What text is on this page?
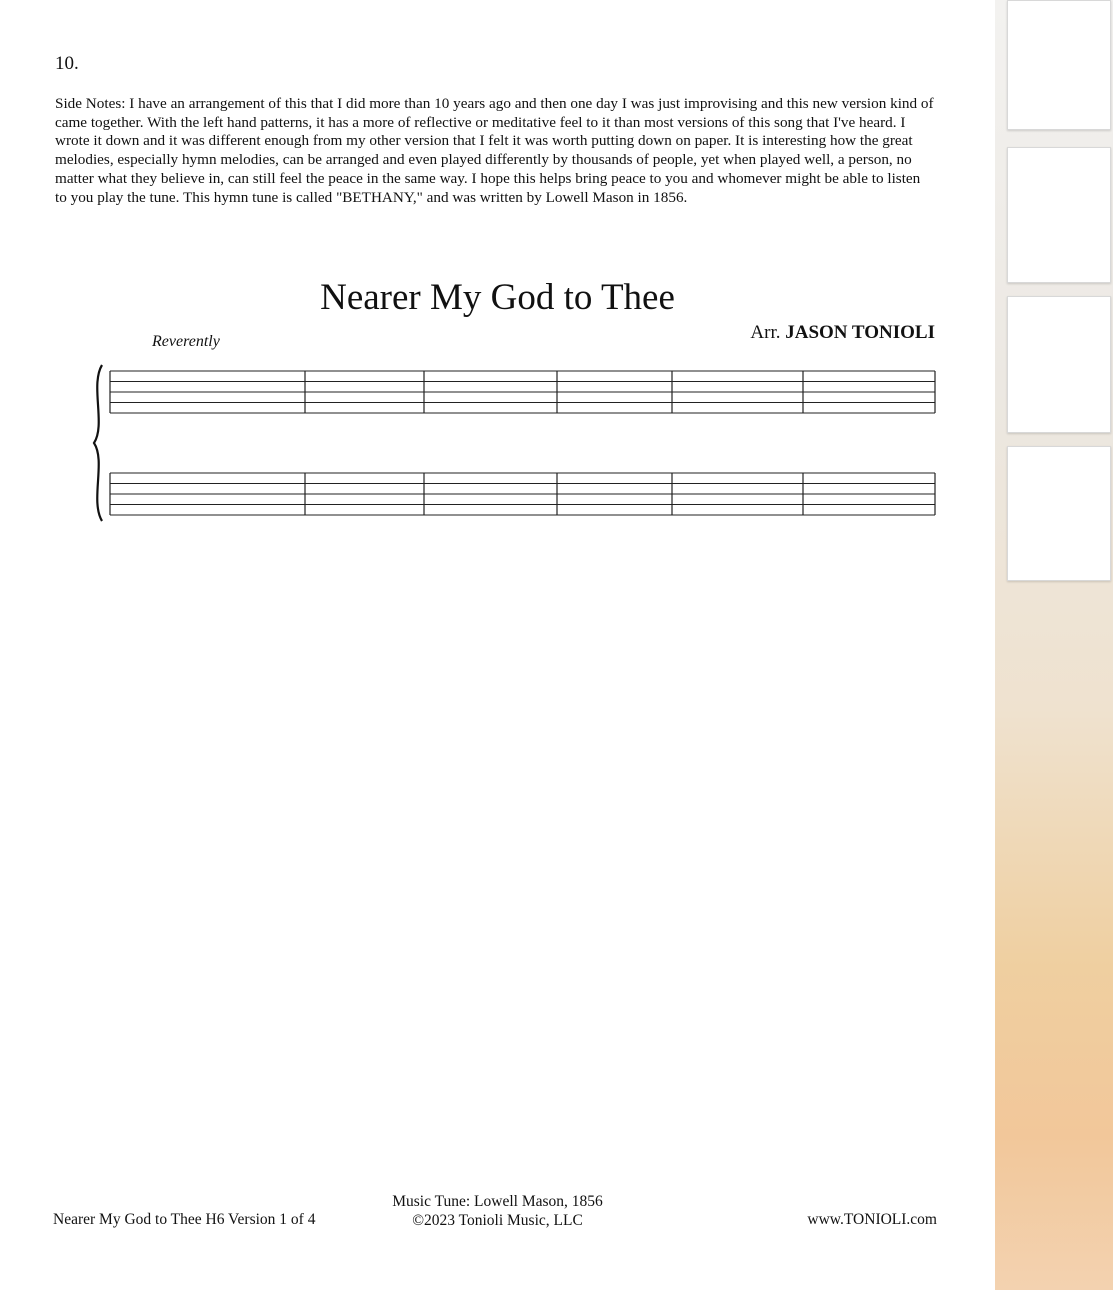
10.
Side Notes: I have an arrangement of this that I did more than 10 years ago and then one day I was just improvising and this new version kind of came together. With the left hand patterns, it has a more of reflective or meditative feel to it than most versions of this song that I've heard. I wrote it down and it was different enough from my other version that I felt it was worth putting down on paper. It is interesting how the great melodies, especially hymn melodies, can be arranged and even played differently by thousands of people, yet when played well, a person, no matter what they believe in, can still feel the peace in the same way. I hope this helps bring peace to you and whomever might be able to listen to you play the tune. This hymn tune is called "BETHANY," and was written by Lowell Mason in 1856.
Nearer My God to Thee
Arr. JASON TONIOLI
Reverently
Nearer My God to Thee H6 Version 1 of 4
Music Tune: Lowell Mason, 1856
©2023 Tonioli Music, LLC	www.TONIOLI.com
